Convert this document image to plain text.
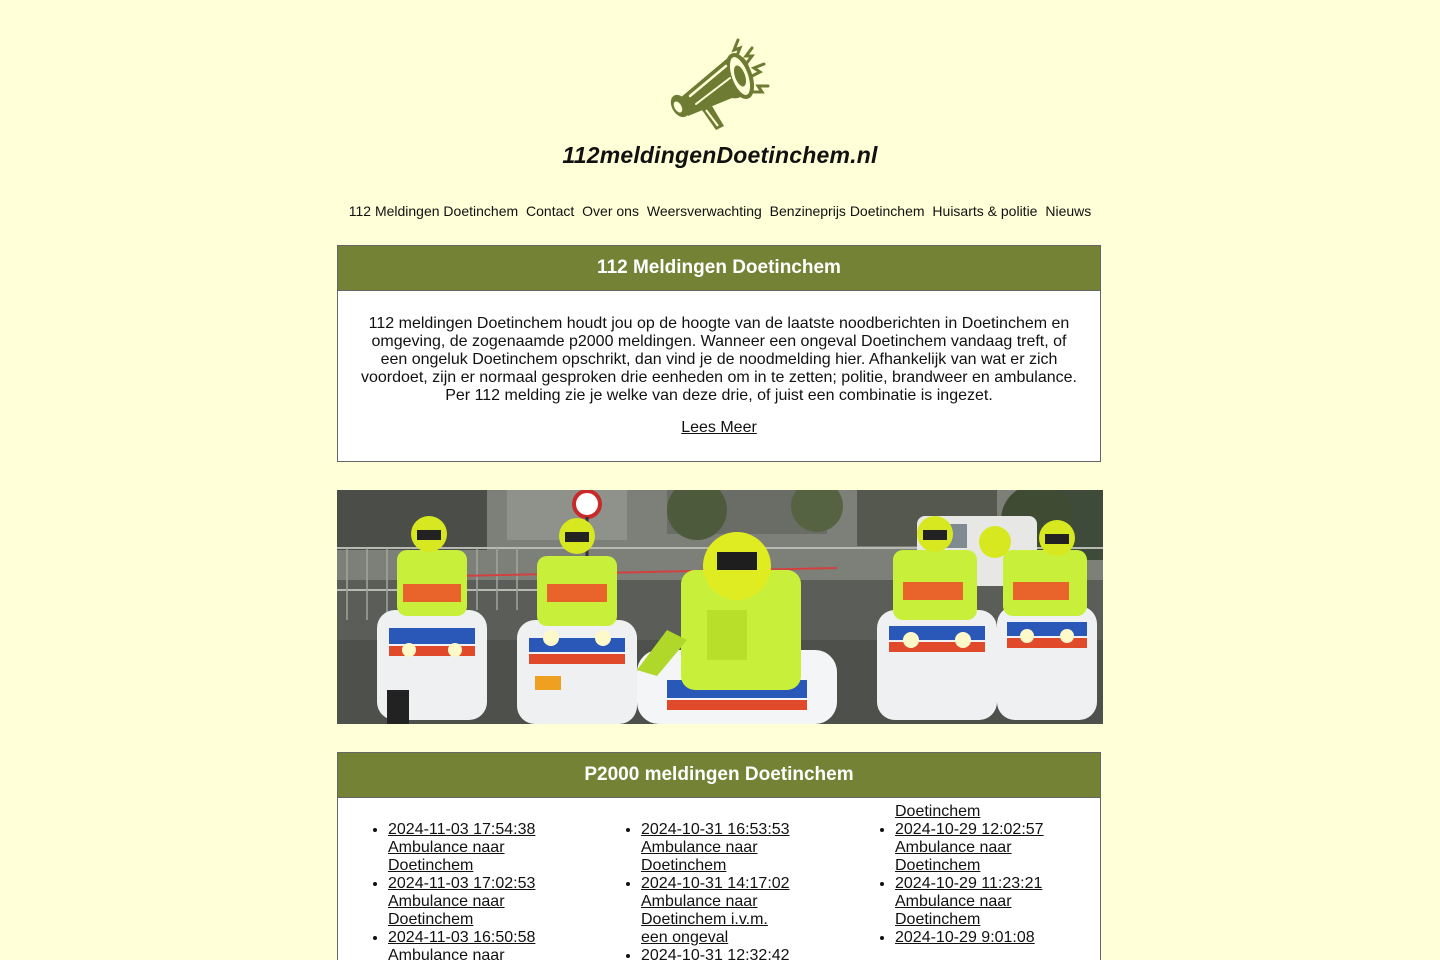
112meldingenDoetinchem.nl
112 Meldingen Doetinchem Contact Over ons Weersverwachting Benzineprijs Doetinchem Huisarts & politie Nieuws
112 Meldingen Doetinchem

112 meldingen Doetinchem houdt jou op de hoogte van de laatste noodberichten in Doetinchem en omgeving, de zogenaamde p2000 meldingen. Wanneer een ongeval Doetinchem vandaag treft, of een ongeluk Doetinchem opschrikt, dan vind je de noodmelding hier. Afhankelijk van wat er zich voordoet, zijn er normaal gesproken drie eenheden om in te zetten; politie, brandweer en ambulance. Per 112 melding zie je welke van deze drie, of juist een combinatie is ingezet.

Lees Meer
P2000 meldingen Doetinchem
• 2024-11-03 17:54:38 Ambulance naar Doetinchem
• 2024-11-03 17:02:53 Ambulance naar Doetinchem
• 2024-11-03 16:50:58 Ambulance naar
• 2024-10-31 16:53:53 Ambulance naar Doetinchem
• 2024-10-31 14:17:02 Ambulance naar Doetinchem i.v.m. een ongeval
• 2024-10-31 12:32:42
Doetinchem
• 2024-10-29 12:02:57 Ambulance naar Doetinchem
• 2024-10-29 11:23:21 Ambulance naar Doetinchem
• 2024-10-29 9:01:08
